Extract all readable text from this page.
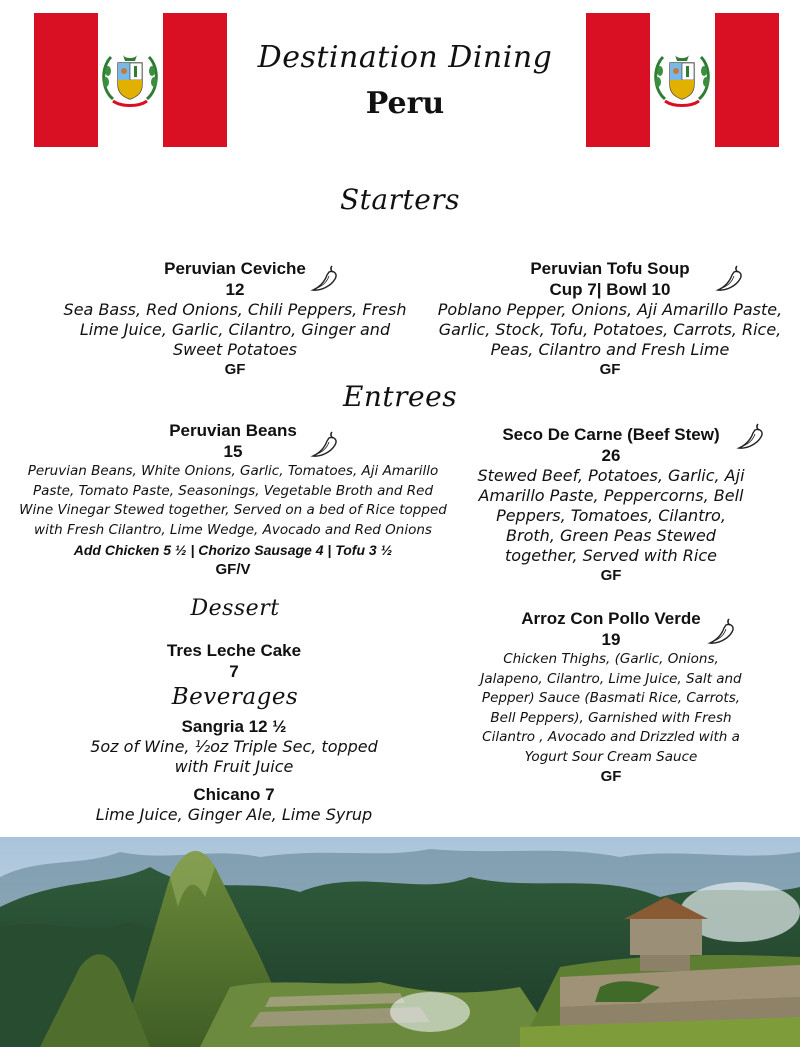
Destination Dining
Peru
Starters
Peruvian Ceviche
12
Sea Bass, Red Onions, Chili Peppers, Fresh Lime Juice, Garlic, Cilantro, Ginger and Sweet Potatoes
GF
Peruvian Tofu Soup
Cup 7| Bowl 10
Poblano Pepper, Onions, Aji Amarillo Paste, Garlic, Stock, Tofu, Potatoes, Carrots, Rice, Peas, Cilantro and Fresh Lime
GF
Entrees
Peruvian Beans
15
Peruvian Beans, White Onions, Garlic, Tomatoes, Aji Amarillo Paste, Tomato Paste, Seasonings, Vegetable Broth and Red Wine Vinegar Stewed together, Served on a bed of Rice topped with Fresh Cilantro, Lime Wedge, Avocado and Red Onions
Add Chicken 5 ½ | Chorizo Sausage 4 | Tofu 3 ½
GF/V
Seco De Carne (Beef Stew)
26
Stewed Beef, Potatoes, Garlic, Aji Amarillo Paste, Peppercorns, Bell Peppers, Tomatoes, Cilantro, Broth, Green Peas Stewed together, Served with Rice
GF
Arroz Con Pollo Verde
19
Chicken Thighs, (Garlic, Onions, Jalapeno, Cilantro, Lime Juice, Salt and Pepper) Sauce (Basmati Rice, Carrots, Bell Peppers), Garnished with Fresh Cilantro , Avocado and Drizzled with a Yogurt Sour Cream Sauce
GF
Dessert
Tres Leche Cake
7
Beverages
Sangria 12 ½
5oz of Wine, ½oz Triple Sec, topped with Fruit Juice
Chicano 7
Lime Juice, Ginger Ale, Lime Syrup
